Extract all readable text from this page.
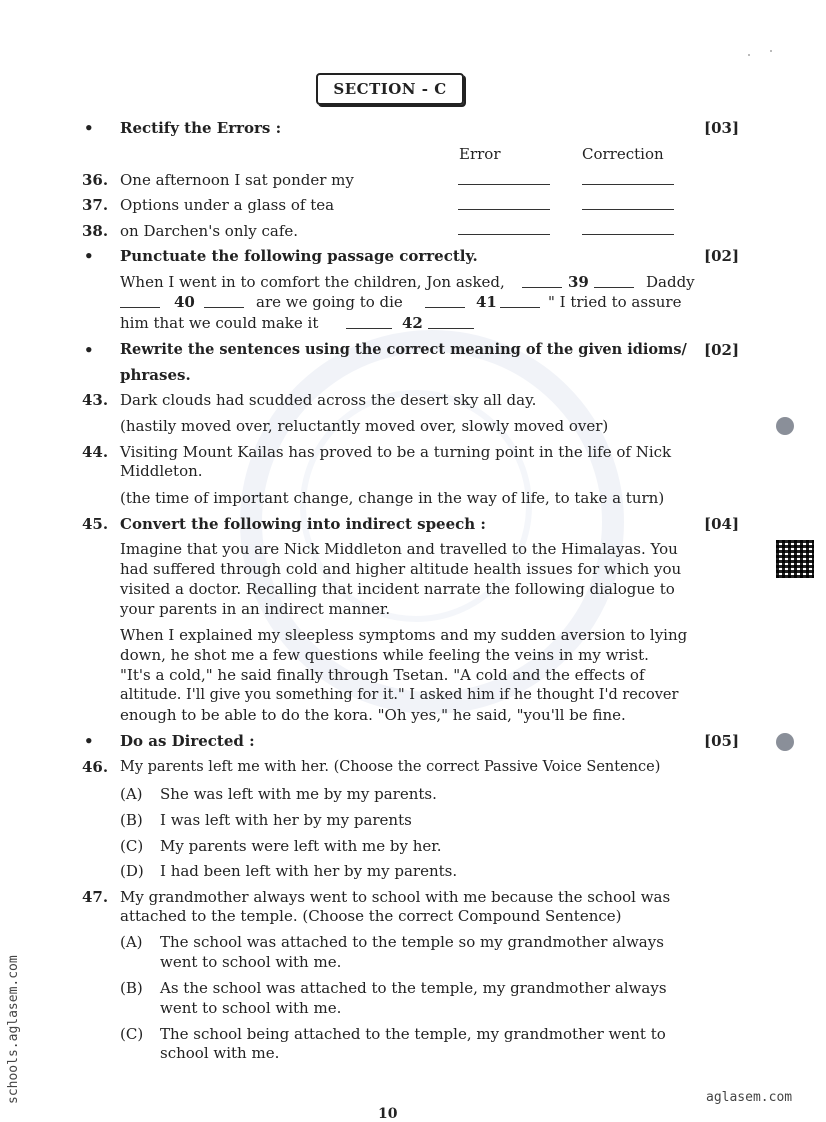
SECTION - C
• Rectify the Errors :	[03]
Error	Correction
36. One afternoon I sat ponder my
37. Options under a glass of tea
38. on Darchen's only cafe.
• Punctuate the following passage correctly.	[02]
When I went in to comfort the children, Jon asked,	39	Daddy
40	are we going to die	41	" I tried to assure
him that we could make it	42
• Rewrite the sentences using the correct meaning of the given idioms/ [02]
phrases.
43. Dark clouds had scudded across the desert sky all day.
(hastily moved over, reluctantly moved over, slowly moved over)
44. Visiting Mount Kailas has proved to be a turning point in the life of Nick
Middleton.
(the time of important change, change in the way of life, to take a turn)
45. Convert the following into indirect speech :	[04]
Imagine that you are Nick Middleton and travelled to the Himalayas. You
had suffered through cold and higher altitude health issues for which you
visited a doctor. Recalling that incident narrate the following dialogue to
your parents in an indirect manner.
When I explained my sleepless symptoms and my sudden aversion to lying
down, he shot me a few questions while feeling the veins in my wrist.
"It's a cold," he said finally through Tsetan. "A cold and the effects of
altitude. I'll give you something for it." I asked him if he thought I'd recover
enough to be able to do the kora. "Oh yes," he said, "you'll be fine.
• Do as Directed :	[05]
46. My parents left me with her. (Choose the correct Passive Voice Sentence)
(A) She was left with me by my parents.
(B) I was left with her by my parents
(C) My parents were left with me by her.
(D) I had been left with her by my parents.
47. My grandmother always went to school with me because the school was
attached to the temple. (Choose the correct Compound Sentence)
(A) The school was attached to the temple so my grandmother always
went to school with me.
(B) As the school was attached to the temple, my grandmother always
went to school with me.
(C) The school being attached to the temple, my grandmother went to
school with me.
schools.aglasem.com	aglasem.com
10
